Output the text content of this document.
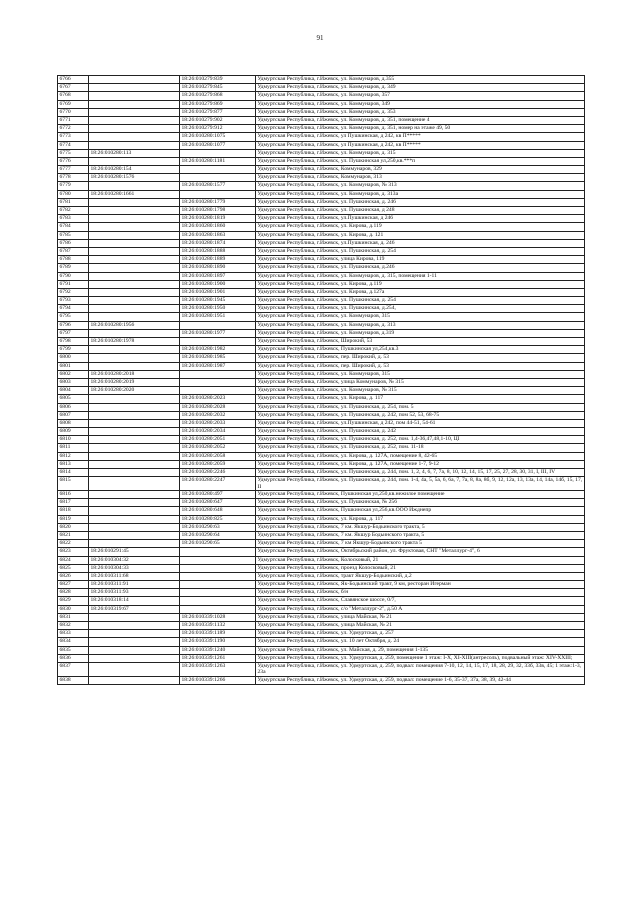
91
6766		18:26:010279:839	Удмуртская Республика, г.Ижевск, ул. Коммунаров, д.355
6767		18:26:010279:845	Удмуртская Республика, г.Ижевск, ул. Коммунаров, д. 349
6768		18:26:010279:868	Удмуртская Республика, г.Ижевск, ул. Коммунаров, 357
6769		18:26:010279:869	Удмуртская Республика, г.Ижевск, ул. Коммунаров, 349
6770		18:26:010279:877	Удмуртская Республика, г.Ижевск, ул. Коммунаров, д. 353
6771		18:26:010279:902	Удмуртская Республика, г.Ижевск, ул. Коммунаров, д. 351, помещение 4
6772		18:26:010279:912	Удмуртская Республика, г.Ижевск, ул. Коммунаров, д. 351, номер на этаже 49, 50
6773		18:26:010280:1075	Удмуртская Республика, г.Ижевск, ул Пушкинская, д 242, кв П*****
6774		18:26:010280:1077	Удмуртская Республика, г.Ижевск, ул Пушкинская, д 242, кв П*****
6775	18:26:010280:113		Удмуртская Республика, г.Ижевск, ул. Коммунаров, д. 315
6776		18:26:010280:1181	Удмуртская Республика, г.Ижевск, ул. Пушкинская ул,250,кв.***п
6777	18:26:010280:154		Удмуртская Республика, г.Ижевск, Коммунаров, 329
6778	18:26:010280:1576		Удмуртская Республика, г.Ижевск, Коммунаров, 313
6779		18:26:010280:1577	Удмуртская Республика, г.Ижевск, ул. Коммунаров, № 313
6780	18:26:010280:1661		Удмуртская Республика, г.Ижевск, ул. Коммунаров, д. 313а
6781		18:26:010280:1779	Удмуртская Республика, г.Ижевск, ул. Пушкинская, д. 246
6782		18:26:010280:1798	Удмуртская Республика, г.Ижевск, ул. Пушкинская, д 248
6783		18:26:010280:1819	Удмуртская Республика, г.Ижевск, ул.Пушкинская, д 246
6784		18:26:010280:1860	Удмуртская Республика, г.Ижевск, ул. Кирова, д.119
6785		18:26:010280:1863	Удмуртская Республика, г.Ижевск, ул. Кирова, д. 121
6786		18:26:010280:1874	Удмуртская Республика, г.Ижевск, ул.Пушкинская, д. 246
6787		18:26:010280:1888	Удмуртская Республика, г.Ижевск, ул. Пушкинская, д. 254
6788		18:26:010280:1889	Удмуртская Республика, г.Ижевск, улица Кирова, 119
6789		18:26:010280:1890	Удмуртская Республика, г.Ижевск, ул. Пушкинская, д.246
6790		18:26:010280:1897	Удмуртская Республика, г.Ижевск, ул. Коммунаров, д. 315, помещения 1-11
6791		18:26:010280:1900	Удмуртская Республика, г.Ижевск, ул. Кирова, д.119
6792		18:26:010280:1901	Удмуртская Республика, г.Ижевск, ул. Кирова, д.127а
6793		18:26:010280:1945	Удмуртская Республика, г.Ижевск, ул. Пушкинская, д. 254
6794		18:26:010280:1950	Удмуртская Республика, г.Ижевск, ул. Пушкинская, д.254,
6795		18:26:010280:1951	Удмуртская Республика, г.Ижевск, ул. Коммунаров, 315
6796	18:26:010280:1956		Удмуртская Республика, г.Ижевск, ул. Коммунаров, д. 313
6797		18:26:010280:1977	Удмуртская Республика, г.Ижевск, ул. Коммунаров, д.319
6798	18:26:010280:1978		Удмуртская Республика, г.Ижевск, Широкий, 53
6799		18:26:010280:1982	Удмуртская Республика, г.Ижевск, Пушкинская ул,254,кв.3
6800		18:26:010280:1985	Удмуртская Республика, г.Ижевск, пер. Широкий, д. 53
6801		18:26:010280:1987	Удмуртская Республика, г.Ижевск, пер. Широкий, д. 53
6802	18:26:010280:2018		Удмуртская Республика, г.Ижевск, ул. Коммунаров, 315
6803	18:26:010280:2019		Удмуртская Республика, г.Ижевск, улица Коммунаров, № 315
6804	18:26:010280:2020		Удмуртская Республика, г.Ижевск, ул. Коммунаров, № 315
6805		18:26:010280:2023	Удмуртская Республика, г.Ижевск, ул. Кирова, д. 117
6806		18:26:010280:2028	Удмуртская Республика, г.Ижевск, ул. Пушкинская, д. 254, пом. 5
6807		18:26:010280:2032	Удмуртская Республика, г.Ижевск, ул. Пушкинская, д. 242, пом 52, 53, 68-75
6808		18:26:010280:2033	Удмуртская Республика, г.Ижевск, ул.Пушкинская, д 242, пом 44-51, 54-61
6809		18:26:010280:2034	Удмуртская Республика, г.Ижевск, ул. Пушкинская, д. 242
6810		18:26:010280:2051	Удмуртская Республика, г.Ижевск, ул. Пушкинская, д. 252, пом. 1,4-36,47,48,1-10, ЦI
6811		18:26:010280:2052	Удмуртская Республика, г.Ижевск, ул. Пушкинская, д. 252, пом. 11-18
6812		18:26:010280:2058	Удмуртская Республика, г.Ижевск, ул. Кирова, д. 127А, помещение 8, 42-65
6813		18:26:010280:2059	Удмуртская Республика, г.Ижевск, ул. Кирова, д. 127А, помещение 1-7, 9-12
6814		18:26:010280:2246	Удмуртская Республика, г.Ижевск, ул. Пушкинская, д. 244, пом. 1, 2, 4, 6, 7, 7а, 8, 10, 12, 14, 15, 17, 25, 27, 28, 30, 31, I, III, IV
6815		18:26:010280:2247	Удмуртская Республика, г.Ижевск, ул. Пушкинская, д. 244, пом. 1-4, 4а, 5, 5а, 6, 6а, 7, 7а, 8, 8а, 8б, 9, 12, 12а, 13, 13а, 14, 14а, 14б, 15, 17, II
6816		18:26:010280:497	Удмуртская Республика, г.Ижевск, Пушкинская ул,250,кв.нежилое помещение
6817		18:26:010280:647	Удмуртская Республика, г.Ижевск, ул. Пушкинская, № 256
6818		18:26:010280:648	Удмуртская Республика, г.Ижевск, Пушкинская ул,256,кв.ООО Ижднепр
6819		18:26:010280:825	Удмуртская Республика, г.Ижевск, ул. Кирова, д. 117
6820		18:26:010290:63	Удмуртская Республика, г.Ижевск, 7 км. Якшур-Бодьинского тракта, 5
6821		18:26:010290:64	Удмуртская Республика, г.Ижевск, 7 км. Якшур Бодьинского тракта, 5
6822		18:26:010290:65	Удмуртская Республика, г.Ижевск, 7 км Якшур-Бодьинского тракта 5
6823	18:26:010291:45		Удмуртская Республика, г.Ижевск, Октябрьский район, ул. Фруктовая, СНТ "Металлург-4", 6
6824	18:26:010304:32		Удмуртская Республика, г.Ижевск, Колосковый, 21
6825	18:26:010304:33		Удмуртская Республика, г.Ижевск, проезд Колосковый, 21
6826	18:26:010311:68		Удмуртская Республика, г.Ижевск, тракт Якшур-Бодьинский, д.2
6827	18:26:010311:91		Удмуртская Республика, г.Ижевск, Як-Бодьинский тракт, 9 км, ресторан Игерман
6828	18:26:010311:93		Удмуртская Республика, г.Ижевск, б/н
6829	18:26:010318:14		Удмуртская Республика, г.Ижевск, Славянское шоссе, 0/7,
6830	18:26:010319:67		Удмуртская Республика, г.Ижевск, с/о "Металлург-2", д.50 А
6831		18:26:010339:1028	Удмуртская Республика, г.Ижевск, улица Майская, № 21
6832		18:26:010339:1132	Удмуртская Республика, г.Ижевск, улица Майская, № 21
6833		18:26:010339:1189	Удмуртская Республика, г.Ижевск, ул. Удмуртская, д. 257
6834		18:26:010339:1190	Удмуртская Республика, г.Ижевск, ул. 10 лет Октября, д. 24
6835		18:26:010339:1240	Удмуртская Республика, г.Ижевск, ул. Майская, д. 29, помещения 1-135
6836		18:26:010339:1261	Удмуртская Республика, г.Ижевск, ул. Удмуртская, д. 259, помещение 1 этаж: I-X, XI-XIII(антресоль), подвальный этаж: XIV-XXIII;
6837		18:26:010339:1263	Удмуртская Республика, г.Ижевск, ул. Удмуртская, д. 259, подвал: помещения 7-10, 12, 14, 15, 17, 18, 28, 29, 32, 33б, 33в, 45; 1 этаж:1-3, 23а
6838		18:26:010339:1266	Удмуртская Республика, г.Ижевск, ул. Удмуртская, д. 259, подвал: помещение 1-6, 35-37, 37а, 38, 39, 42-44
